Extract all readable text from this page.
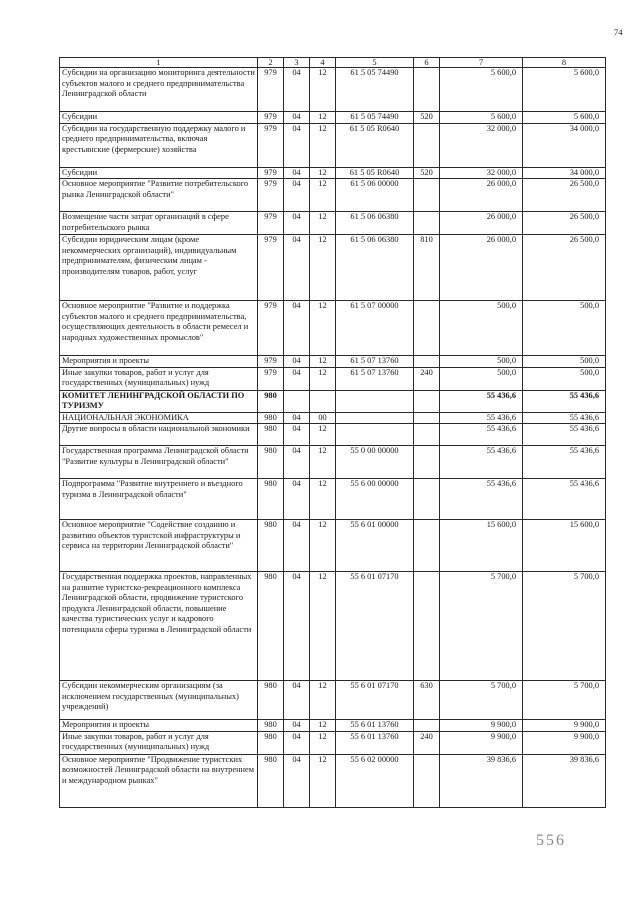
74
1	2	3	4	5	6	7	8
Субсидии на организацию мониторинга деятельности субъектов малого и среднего предпринимательства Ленинградской области	979	04	12	61 5 05 74490		5 600,0	5 600,0
Субсидии	979	04	12	61 5 05 74490	520	5 600,0	5 600,0
Субсидии на государственную поддержку малого и среднего предпринимательства, включая крестьянские (фермерские) хозяйства	979	04	12	61 5 05 R0640		32 000,0	34 000,0
Субсидии	979	04	12	61 5 05 R0640	520	32 000,0	34 000,0
Основное мероприятие "Развитие потребительского рынка Ленинградской области"	979	04	12	61 5 06 00000		26 000,0	26 500,0
Возмещение части затрат организаций в сфере потребительского рынка	979	04	12	61 5 06 06380		26 000,0	26 500,0
Субсидии юридическим лицам (кроме некоммерческих организаций), индивидуальным предпринимателям, физическим лицам - производителям товаров, работ, услуг	979	04	12	61 5 06 06380	810	26 000,0	26 500,0
Основное мероприятие "Развитие и поддержка субъектов малого и среднего предпринимательства, осуществляющих деятельность в области ремесел и народных художественных промыслов"	979	04	12	61 5 07 00000		500,0	500,0
Мероприятия и проекты	979	04	12	61 5 07 13760		500,0	500,0
Иные закупки товаров, работ и услуг для государственных (муниципальных) нужд	979	04	12	61 5 07 13760	240	500,0	500,0
КОМИТЕТ ЛЕНИНГРАДСКОЙ ОБЛАСТИ ПО ТУРИЗМУ	980					55 436,6	55 436,6
НАЦИОНАЛЬНАЯ ЭКОНОМИКА	980	04	00			55 436,6	55 436,6
Другие вопросы в области национальной экономики	980	04	12			55 436,6	55 436,6
Государственная программа Ленинградской области "Развитие культуры в Ленинградской области"	980	04	12	55 0 00 00000		55 436,6	55 436,6
Подпрограмма "Развитие внутреннего и въездного туризма в Ленинградской области"	980	04	12	55 6 00 00000		55 436,6	55 436,6
Основное мероприятие "Содействие созданию и развитию объектов туристской инфраструктуры и сервиса на территории Ленинградской области"	980	04	12	55 6 01 00000		15 600,0	15 600,0
Государственная поддержка проектов, направленных на развитие туристско-рекреационного комплекса Ленинградской области, продвижение туристского продукта Ленинградской области, повышение качества туристических услуг и кадрового потенциала сферы туризма в Ленинградской области	980	04	12	55 6 01 07170		5 700,0	5 700,0
Субсидии некоммерческим организациям (за исключением государственных (муниципальных) учреждений)	980	04	12	55 6 01 07170	630	5 700,0	5 700,0
Мероприятия и проекты	980	04	12	55 6 01 13760		9 900,0	9 900,0
Иные закупки товаров, работ и услуг для государственных (муниципальных) нужд	980	04	12	55 6 01 13760	240	9 900,0	9 900,0
Основное мероприятие "Продвижение туристских возможностей Ленинградской области на внутреннем и международном рынках"	980	04	12	55 6 02 00000		39 836,6	39 836,6
556
